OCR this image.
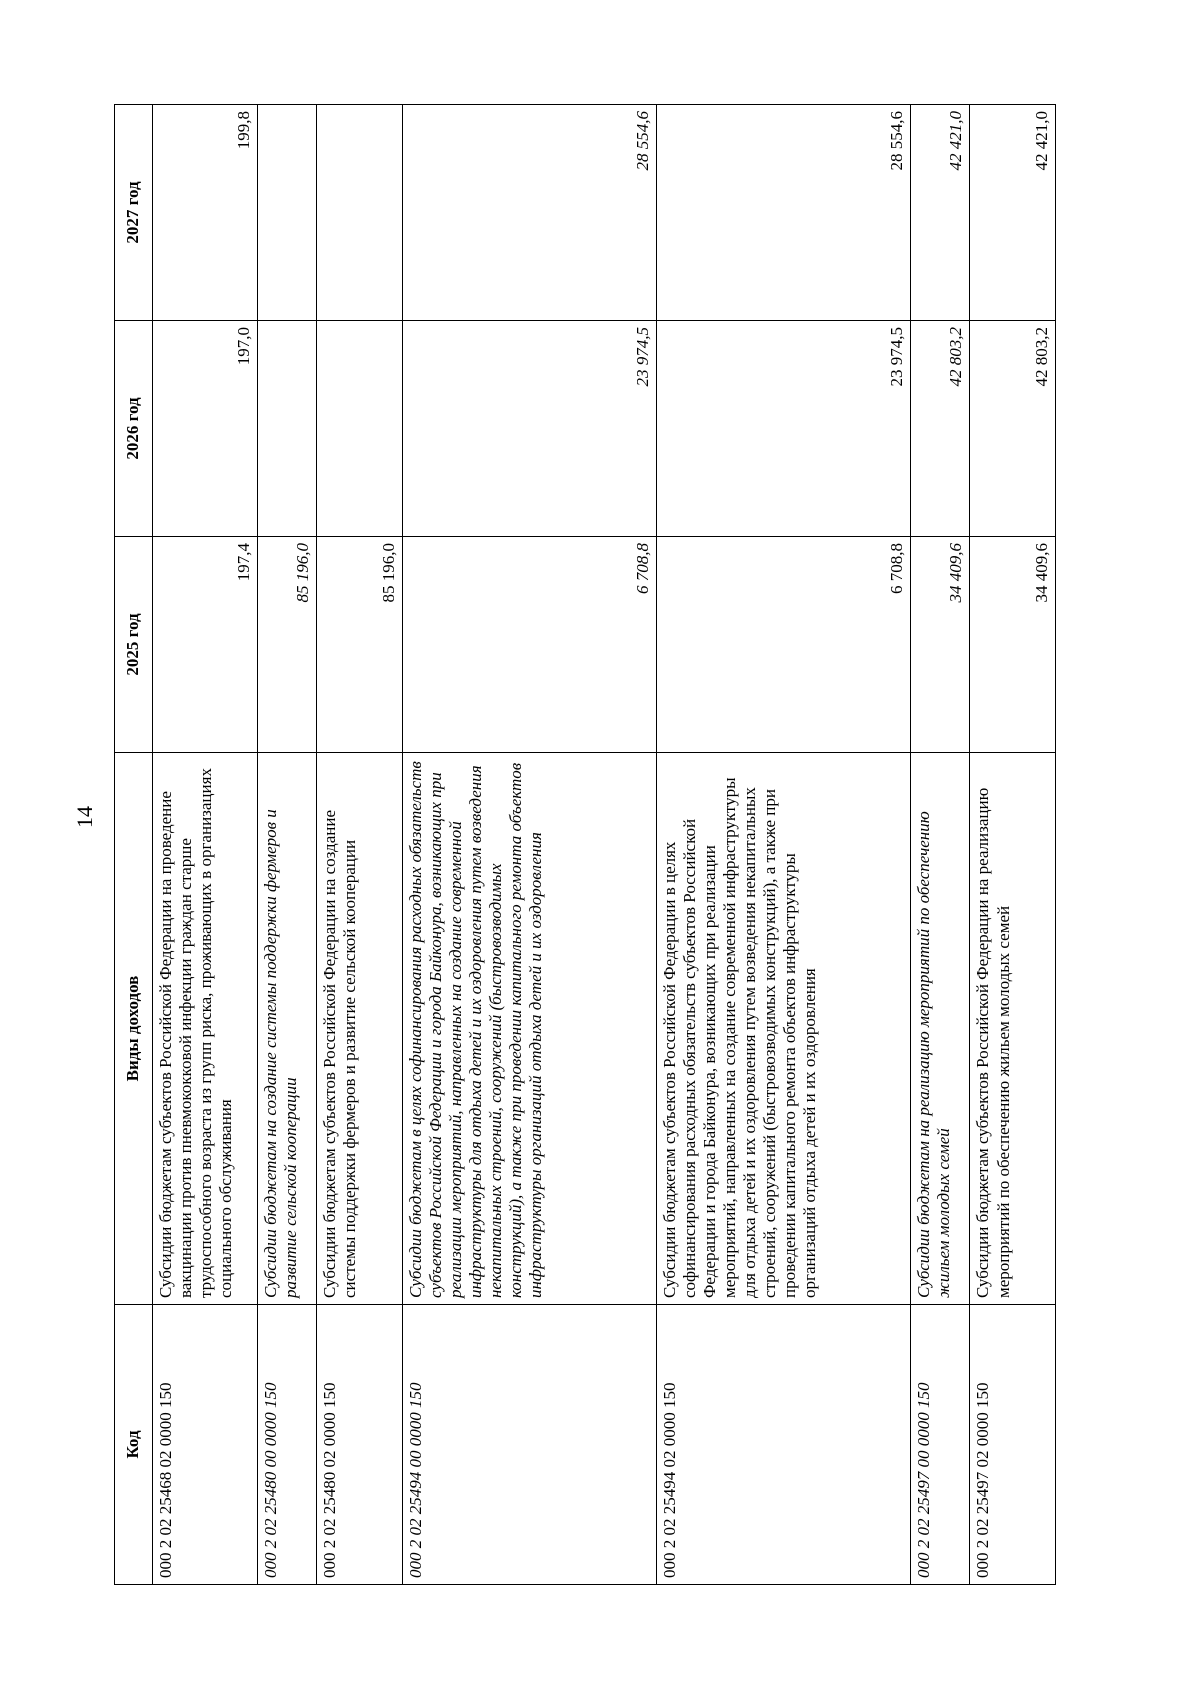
14
Код	Виды доходов	2025 год	2026 год	2027 год
000 2 02 25468 02 0000 150	Субсидии бюджетам субъектов Российской Федерации на проведение вакцинации против пневмококковой инфекции граждан старше трудоспособного возраста из групп риска, проживающих в организациях социального обслуживания	197,4	197,0	199,8
000 2 02 25480 00 0000 150	Субсидии бюджетам на создание системы поддержки фермеров и развитие сельской кооперации	85 196,0		
000 2 02 25480 02 0000 150	Субсидии бюджетам субъектов Российской Федерации на создание системы поддержки фермеров и развитие сельской кооперации	85 196,0		
000 2 02 25494 00 0000 150	Субсидии бюджетам в целях софинансирования расходных обязательств субъектов Российской Федерации и города Байконура, возникающих при реализации мероприятий, направленных на создание современной инфраструктуры для отдыха детей и их оздоровления путем возведения некапитальных строений, сооружений (быстровозводимых конструкций), а также при проведении капитального ремонта объектов инфраструктуры организаций отдыха детей и их оздоровления	6 708,8	23 974,5	28 554,6
000 2 02 25494 02 0000 150	Субсидии бюджетам субъектов Российской Федерации в целях софинансирования расходных обязательств субъектов Российской Федерации и города Байконура, возникающих при реализации мероприятий, направленных на создание современной инфраструктуры для отдыха детей и их оздоровления путем возведения некапитальных строений, сооружений (быстровозводимых конструкций), а также при проведении капитального ремонта объектов инфраструктуры организаций отдыха детей и их оздоровления	6 708,8	23 974,5	28 554,6
000 2 02 25497 00 0000 150	Субсидии бюджетам на реализацию мероприятий по обеспечению жильем молодых семей	34 409,6	42 803,2	42 421,0
000 2 02 25497 02 0000 150	Субсидии бюджетам субъектов Российской Федерации на реализацию мероприятий по обеспечению жильем молодых семей	34 409,6	42 803,2	42 421,0
